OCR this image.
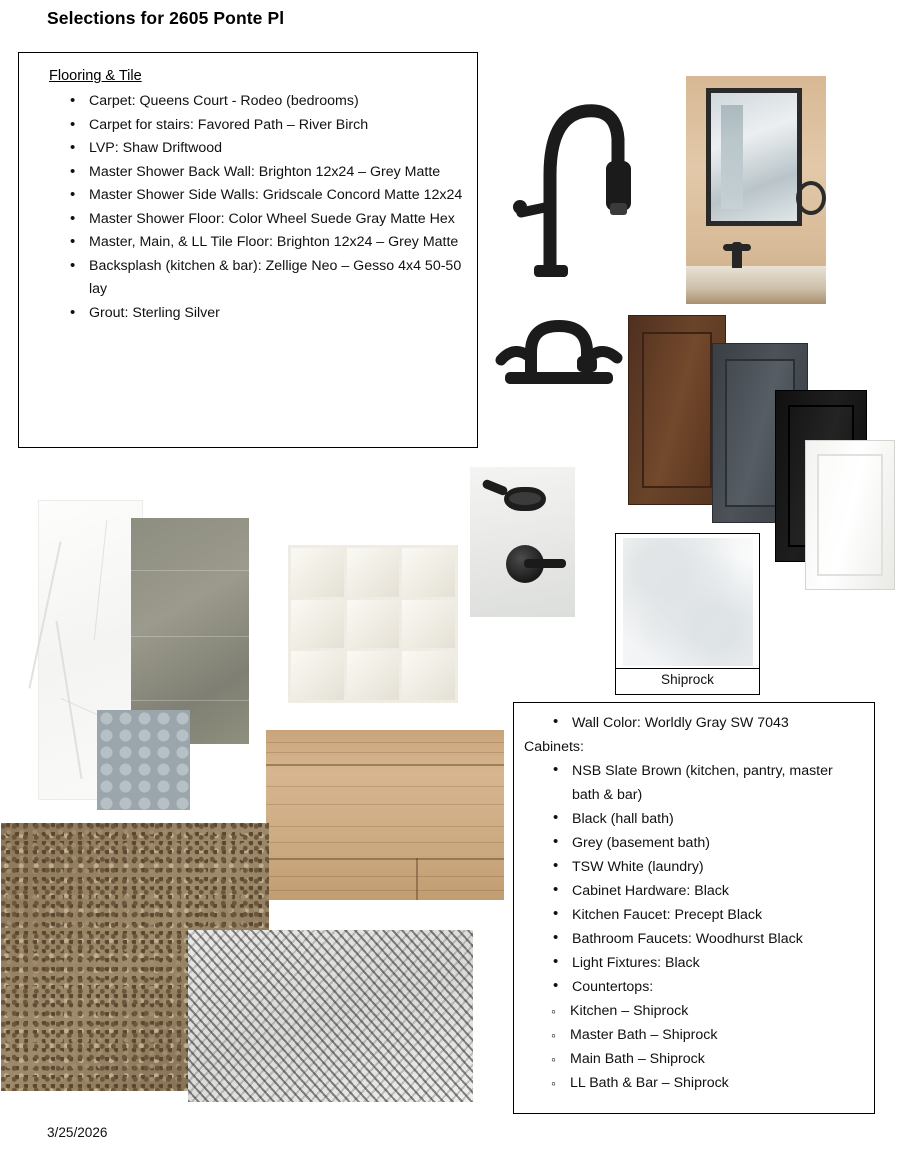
Selections for 2605 Ponte Pl
Flooring & Tile
• Carpet: Queens Court - Rodeo (bedrooms)
• Carpet for stairs: Favored Path – River Birch
• LVP: Shaw Driftwood
• Master Shower Back Wall: Brighton 12x24 – Grey Matte
• Master Shower Side Walls: Gridscale Concord Matte 12x24
• Master Shower Floor: Color Wheel Suede Gray Matte Hex
• Master, Main, & LL Tile Floor: Brighton 12x24 – Grey Matte
• Backsplash (kitchen & bar): Zellige Neo – Gesso 4x4 50-50 lay
• Grout: Sterling Silver
Shiprock
• Wall Color: Worldly Gray SW 7043
Cabinets:
• NSB Slate Brown (kitchen, pantry, master bath & bar)
• Black (hall bath)
• Grey (basement bath)
• TSW White (laundry)
• Cabinet Hardware: Black
• Kitchen Faucet: Precept Black
• Bathroom Faucets: Woodhurst Black
• Light Fixtures: Black
• Countertops:
◦ Kitchen – Shiprock
◦ Master Bath – Shiprock
◦ Main Bath – Shiprock
◦ LL Bath & Bar – Shiprock
3/25/2026
